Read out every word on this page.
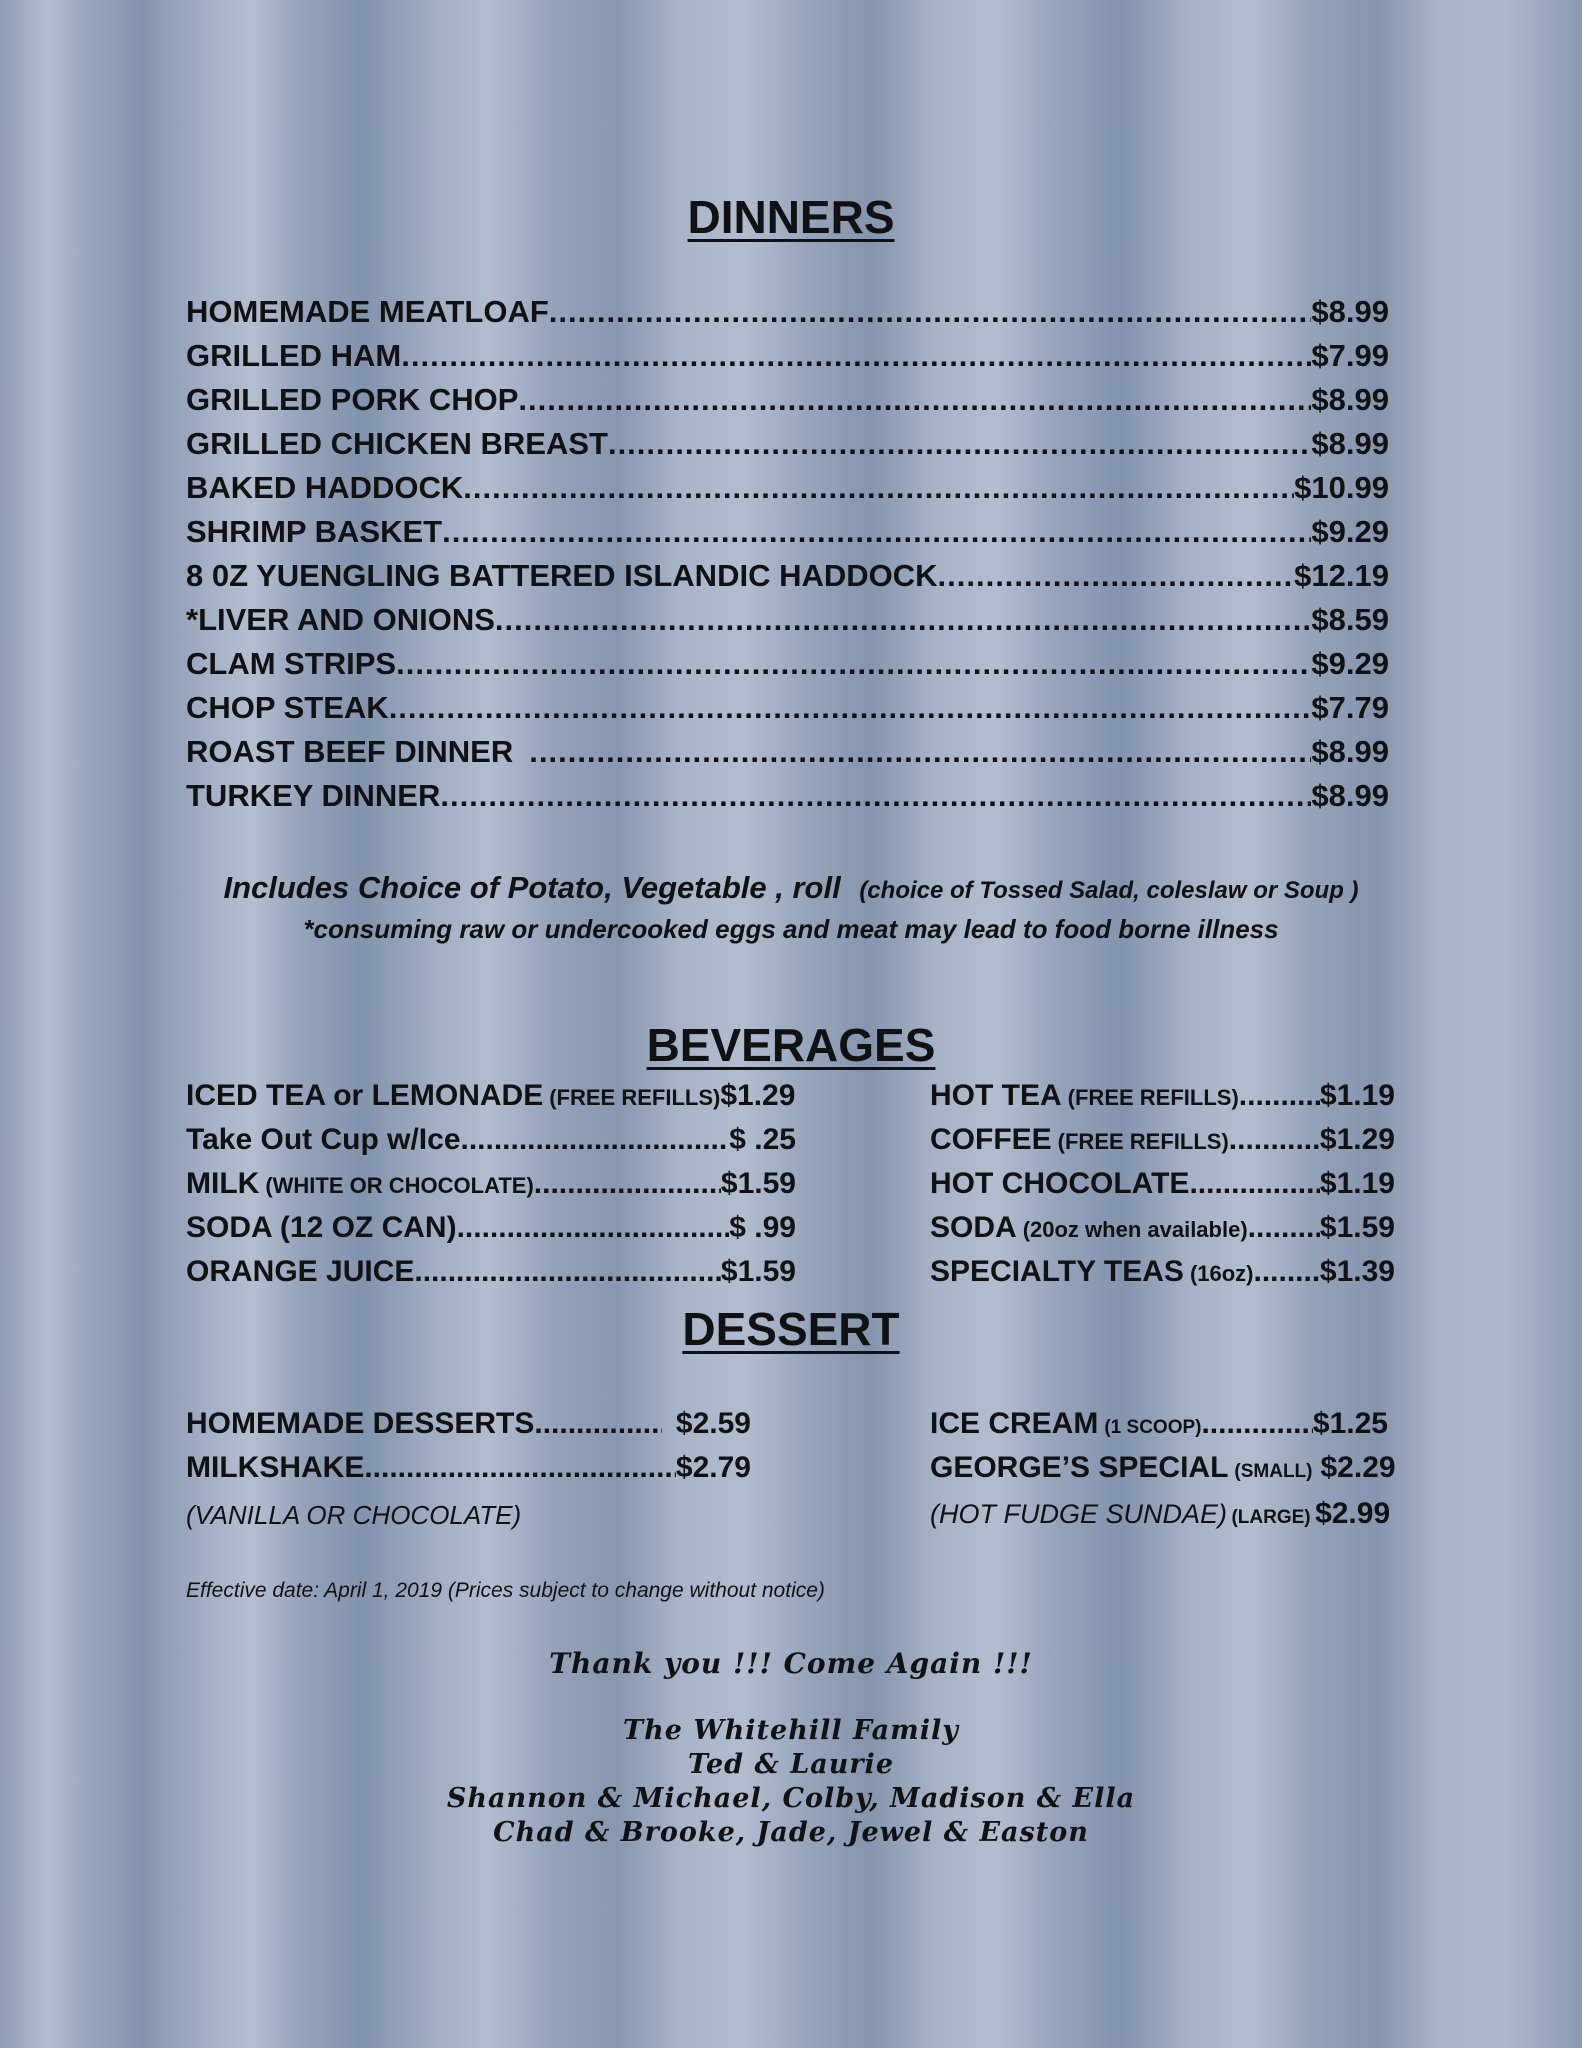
DINNERS
HOMEMADE MEATLOAF .....	$8.99
GRILLED HAM .....	$7.99
GRILLED PORK CHOP .....	$8.99
GRILLED CHICKEN BREAST .....	$8.99
BAKED HADDOCK .....	$10.99
SHRIMP BASKET .....	$9.29
8 0Z YUENGLING BATTERED ISLANDIC HADDOCK .....	$12.19
*LIVER AND ONIONS .....	$8.59
CLAM STRIPS .....	$9.29
CHOP STEAK .....	$7.79
ROAST BEEF DINNER .....	$8.99
TURKEY DINNER .....	$8.99
Includes Choice of Potato, Vegetable , roll (choice of Tossed Salad, coleslaw or Soup )
*consuming raw or undercooked eggs and meat may lead to food borne illness
BEVERAGES
ICED TEA or LEMONADE (FREE REFILLS) $1.29
Take Out Cup w/Ice .....	$ .25
MILK (WHITE OR CHOCOLATE) .....	$1.59
SODA (12 OZ CAN) .....	$ .99
ORANGE JUICE .....	$1.59
HOT TEA (FREE REFILLS) .....	$1.19
COFFEE (FREE REFILLS) .....	$1.29
HOT CHOCOLATE .....	$1.19
SODA (20oz when available) ..... $1.59
SPECIALTY TEAS (16oz) ..... $1.39
DESSERT
HOMEMADE DESSERTS .....	$2.59
MILKSHAKE .....	$2.79
(VANILLA OR CHOCOLATE)
ICE CREAM (1 SCOOP) .....	$1.25
GEORGE’S SPECIAL (SMALL) $2.29
(HOT FUDGE SUNDAE) (LARGE) $2.99
Effective date: April 1, 2019 (Prices subject to change without notice)
Thank you !!! Come Again !!!
The Whitehill Family
Ted & Laurie
Shannon & Michael, Colby, Madison & Ella
Chad & Brooke, Jade, Jewel & Easton
